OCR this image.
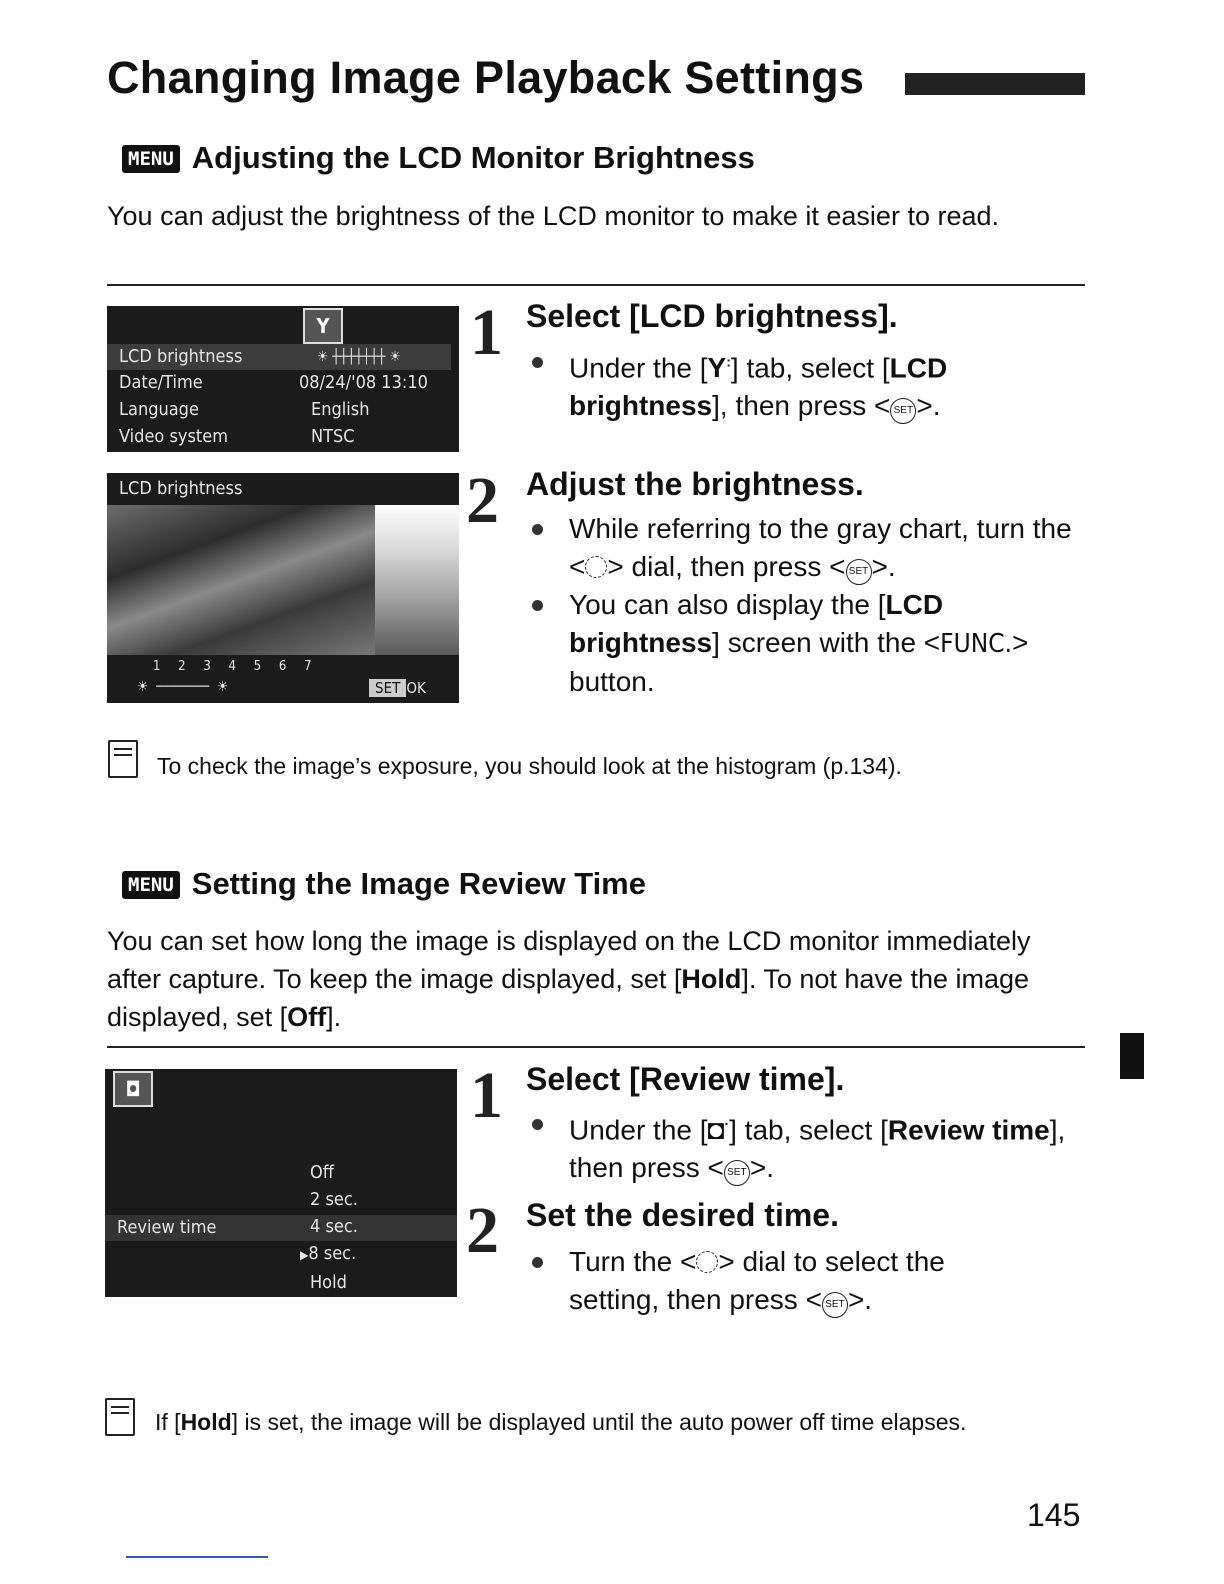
Changing Image Playback Settings
MENU Adjusting the LCD Monitor Brightness
You can adjust the brightness of the LCD monitor to make it easier to read.
Y
LCD brightness	☀ ┼┼┼┼┼┼┼ ☀
Date/Time	08/24/'08 13:10
Language	English
Video system	NTSC
LCD brightness
1 2 3 4 5 6 7
☀ ╶──────╴ ☀	SET OK
1 Select [LCD brightness].
Under the [Y:] tab, select [LCD brightness], then press < SET >.
2 Adjust the brightness.
While referring to the gray chart, turn the < > dial, then press < SET >.
You can also display the [LCD brightness] screen with the <FUNC.> button.
To check the image’s exposure, you should look at the histogram (p.134).
MENU Setting the Image Review Time
You can set how long the image is displayed on the LCD monitor immediately after capture. To keep the image displayed, set [Hold]. To not have the image displayed, set [Off].
◘
Review time
Off
2 sec.
4 sec.
▶8 sec.
Hold
1 Select [Review time].
Under the [◘·] tab, select [Review time], then press < SET >.
2 Set the desired time.
Turn the < > dial to select the setting, then press < SET >.
If [Hold] is set, the image will be displayed until the auto power off time elapses.
145
